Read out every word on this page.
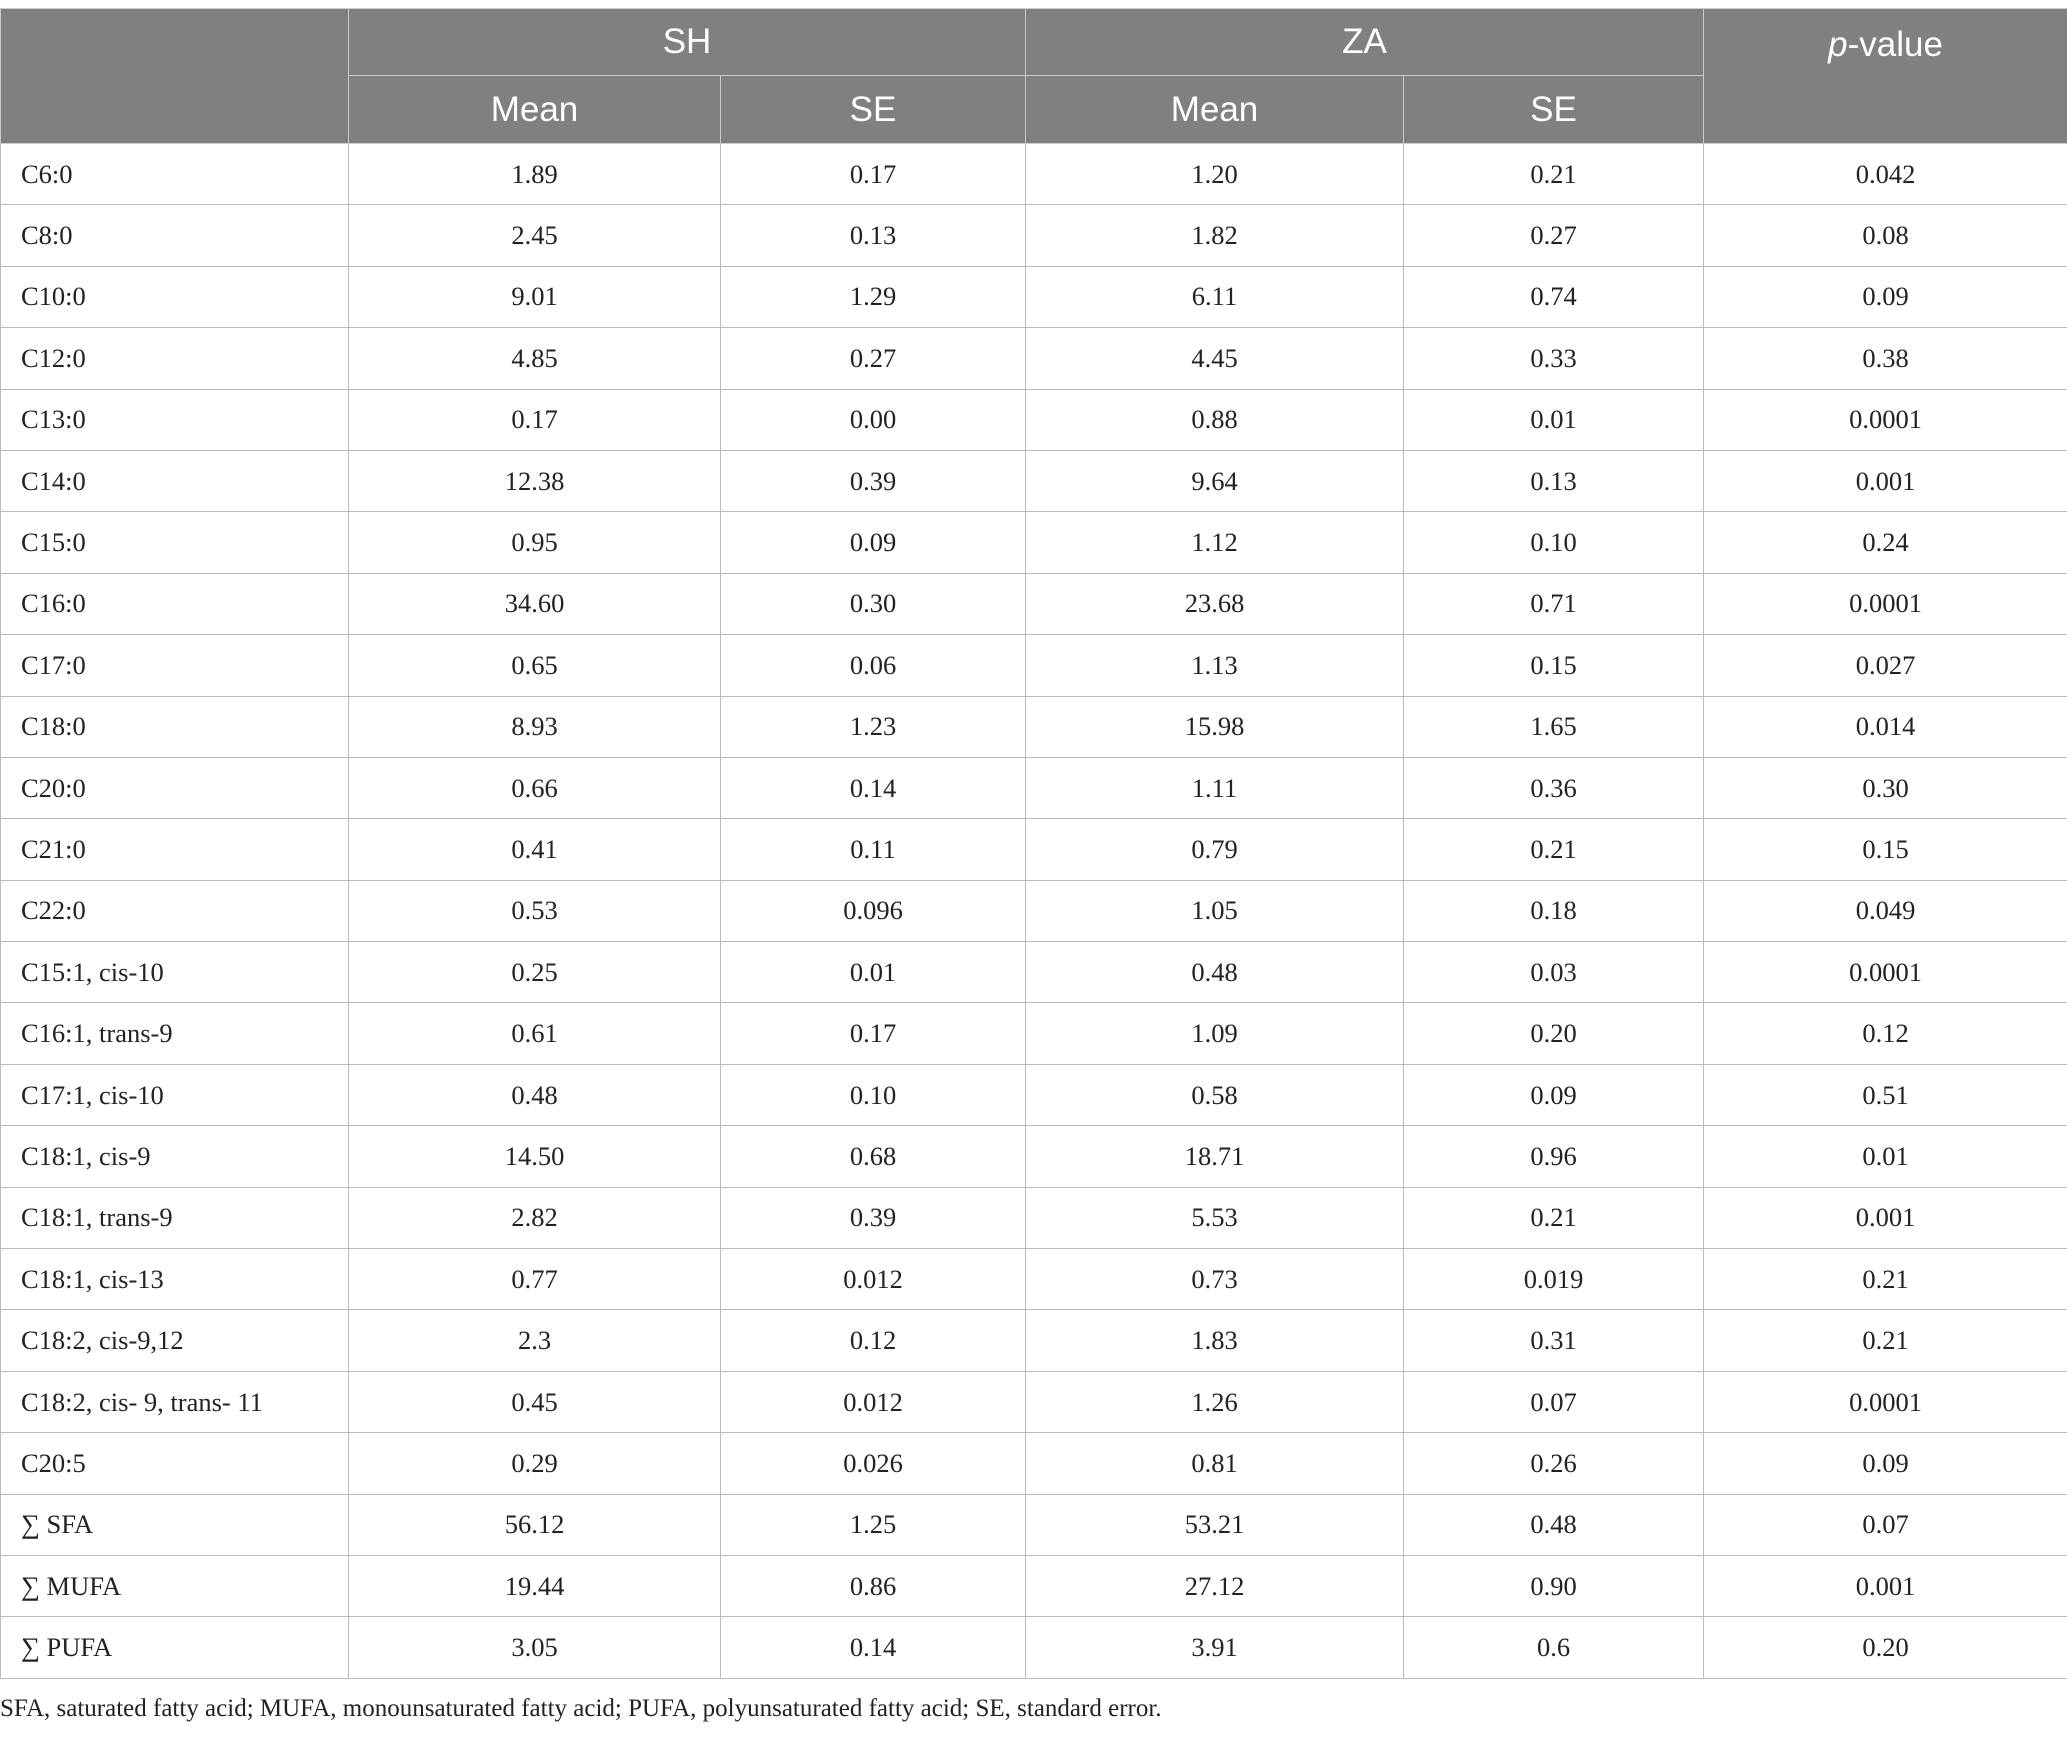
	SH		ZA		p-value
	Mean	SE	Mean	SE	
C6:0	1.89	0.17	1.20	0.21	0.042
C8:0	2.45	0.13	1.82	0.27	0.08
C10:0	9.01	1.29	6.11	0.74	0.09
C12:0	4.85	0.27	4.45	0.33	0.38
C13:0	0.17	0.00	0.88	0.01	0.0001
C14:0	12.38	0.39	9.64	0.13	0.001
C15:0	0.95	0.09	1.12	0.10	0.24
C16:0	34.60	0.30	23.68	0.71	0.0001
C17:0	0.65	0.06	1.13	0.15	0.027
C18:0	8.93	1.23	15.98	1.65	0.014
C20:0	0.66	0.14	1.11	0.36	0.30
C21:0	0.41	0.11	0.79	0.21	0.15
C22:0	0.53	0.096	1.05	0.18	0.049
C15:1, cis-10	0.25	0.01	0.48	0.03	0.0001
C16:1, trans-9	0.61	0.17	1.09	0.20	0.12
C17:1, cis-10	0.48	0.10	0.58	0.09	0.51
C18:1, cis-9	14.50	0.68	18.71	0.96	0.01
C18:1, trans-9	2.82	0.39	5.53	0.21	0.001
C18:1, cis-13	0.77	0.012	0.73	0.019	0.21
C18:2, cis-9,12	2.3	0.12	1.83	0.31	0.21
C18:2, cis- 9, trans- 11	0.45	0.012	1.26	0.07	0.0001
C20:5	0.29	0.026	0.81	0.26	0.09
∑ SFA	56.12	1.25	53.21	0.48	0.07
∑ MUFA	19.44	0.86	27.12	0.90	0.001
∑ PUFA	3.05	0.14	3.91	0.6	0.20
SFA, saturated fatty acid; MUFA, monounsaturated fatty acid; PUFA, polyunsaturated fatty acid; SE, standard error.
